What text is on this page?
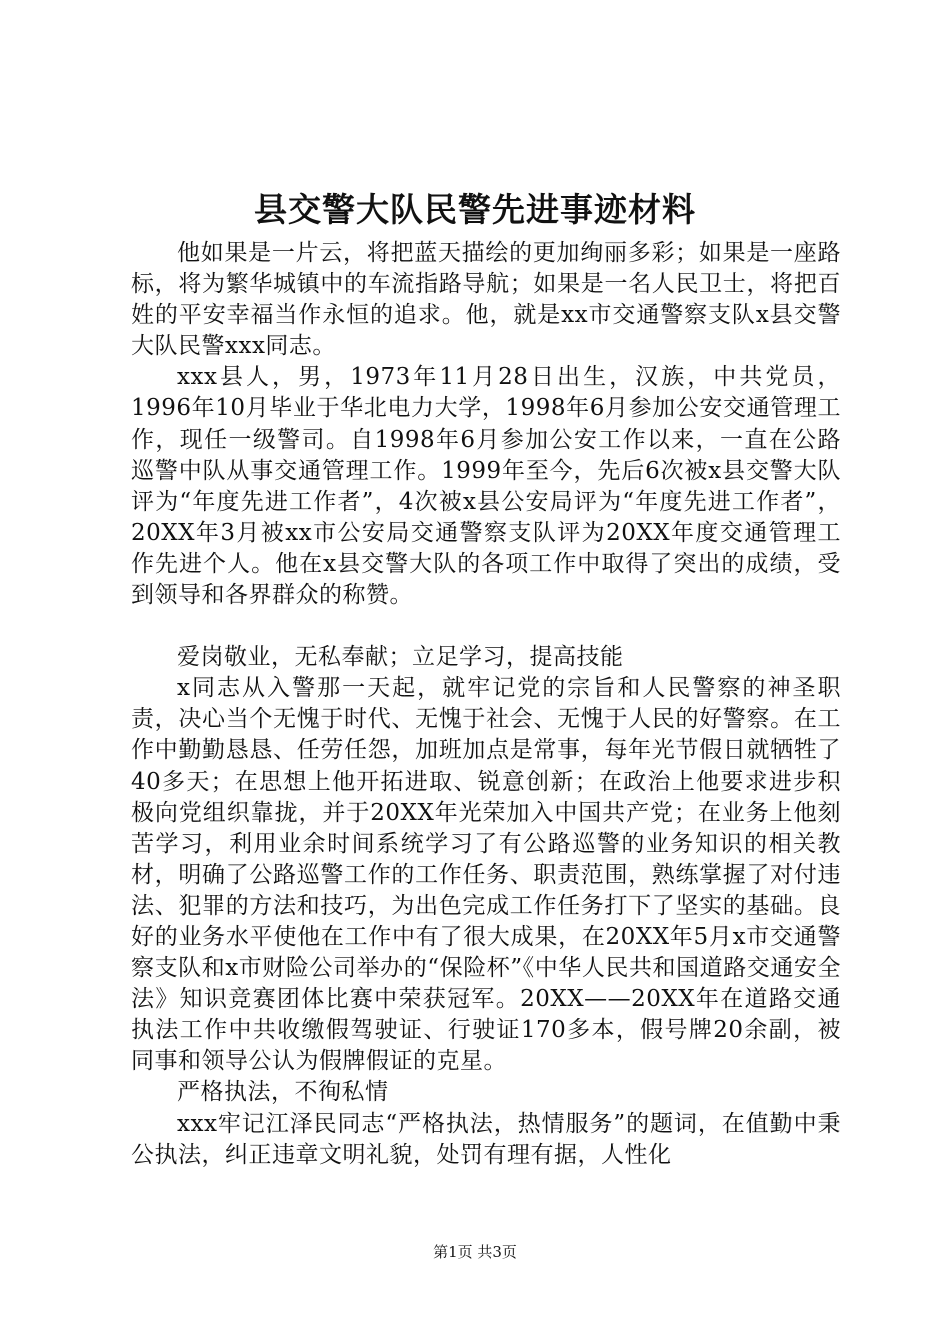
县交警大队民警先进事迹材料

他如果是一片云，将把蓝天描绘的更加绚丽多彩；如果是一座路标，将为繁华城镇中的车流指路导航；如果是一名人民卫士，将把百姓的平安幸福当作永恒的追求。他，就是xx市交通警察支队x县交警大队民警xxx同志。

xxx县人，男，1973年11月28日出生，汉族，中共党员，1996年10月毕业于华北电力大学，1998年6月参加公安交通管理工作，现任一级警司。自1998年6月参加公安工作以来，一直在公路巡警中队从事交通管理工作。1999年至今，先后6次被x县交警大队评为“年度先进工作者”，4次被x县公安局评为“年度先进工作者”，20XX年3月被xx市公安局交通警察支队评为20XX年度交通管理工作先进个人。他在x县交警大队的各项工作中取得了突出的成绩，受到领导和各界群众的称赞。

爱岗敬业，无私奉献；立足学习，提高技能

x同志从入警那一天起，就牢记党的宗旨和人民警察的神圣职责，决心当个无愧于时代、无愧于社会、无愧于人民的好警察。在工作中勤勤恳恳、任劳任怨，加班加点是常事，每年光节假日就牺牲了40多天；在思想上他开拓进取、锐意创新；在政治上他要求进步积极向党组织靠拢，并于20XX年光荣加入中国共产党；在业务上他刻苦学习，利用业余时间系统学习了有公路巡警的业务知识的相关教材，明确了公路巡警工作的工作任务、职责范围，熟练掌握了对付违法、犯罪的方法和技巧，为出色完成工作任务打下了坚实的基础。良好的业务水平使他在工作中有了很大成果，在20XX年5月x市交通警察支队和x市财险公司举办的“保险杯”《中华人民共和国道路交通安全法》知识竞赛团体比赛中荣获冠军。20XX——20XX年在道路交通执法工作中共收缴假驾驶证、行驶证170多本，假号牌20余副，被同事和领导公认为假牌假证的克星。

严格执法，不徇私情

xxx牢记江泽民同志“严格执法，热情服务”的题词，在值勤中秉公执法，纠正违章文明礼貌，处罚有理有据，人性化

第1页 共3页
